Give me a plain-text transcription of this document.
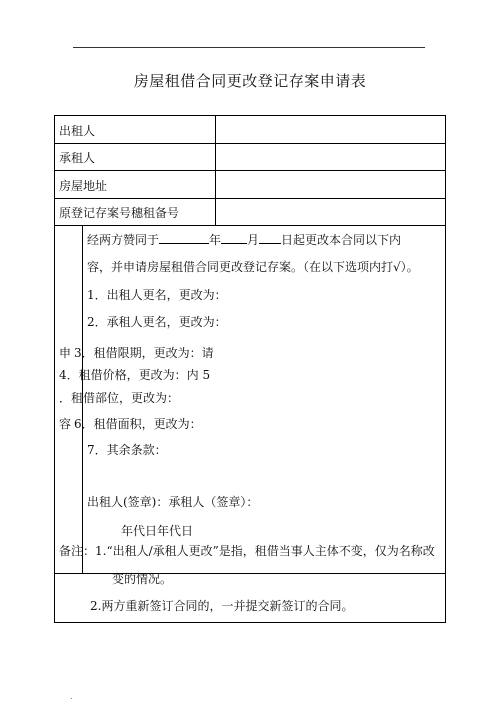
房屋租借合同更改登记存案申请表
出租人
承租人
房屋地址
原登记存案号穗租备号
经两方赞同于	年 月 日起更改本合同以下内
容，并申请房屋租借合同更改登记存案。（在以下选项内打√）。
1．出租人更名，更改为：
2．承租人更名，更改为：
申 3．租借限期，更改为：请
4．租借价格，更改为：内 5
．租借部位，更改为：
容 6．租借面积，更改为：
7．其余条款：
出租人(签章)：承租人（签章）：
年代日年代日
备注：1.“出租人/承租人更改”是指，租借当事人主体不变，仅为名称改
变的情况。
2.两方重新签订合同的，一并提交新签订的合同。
.
